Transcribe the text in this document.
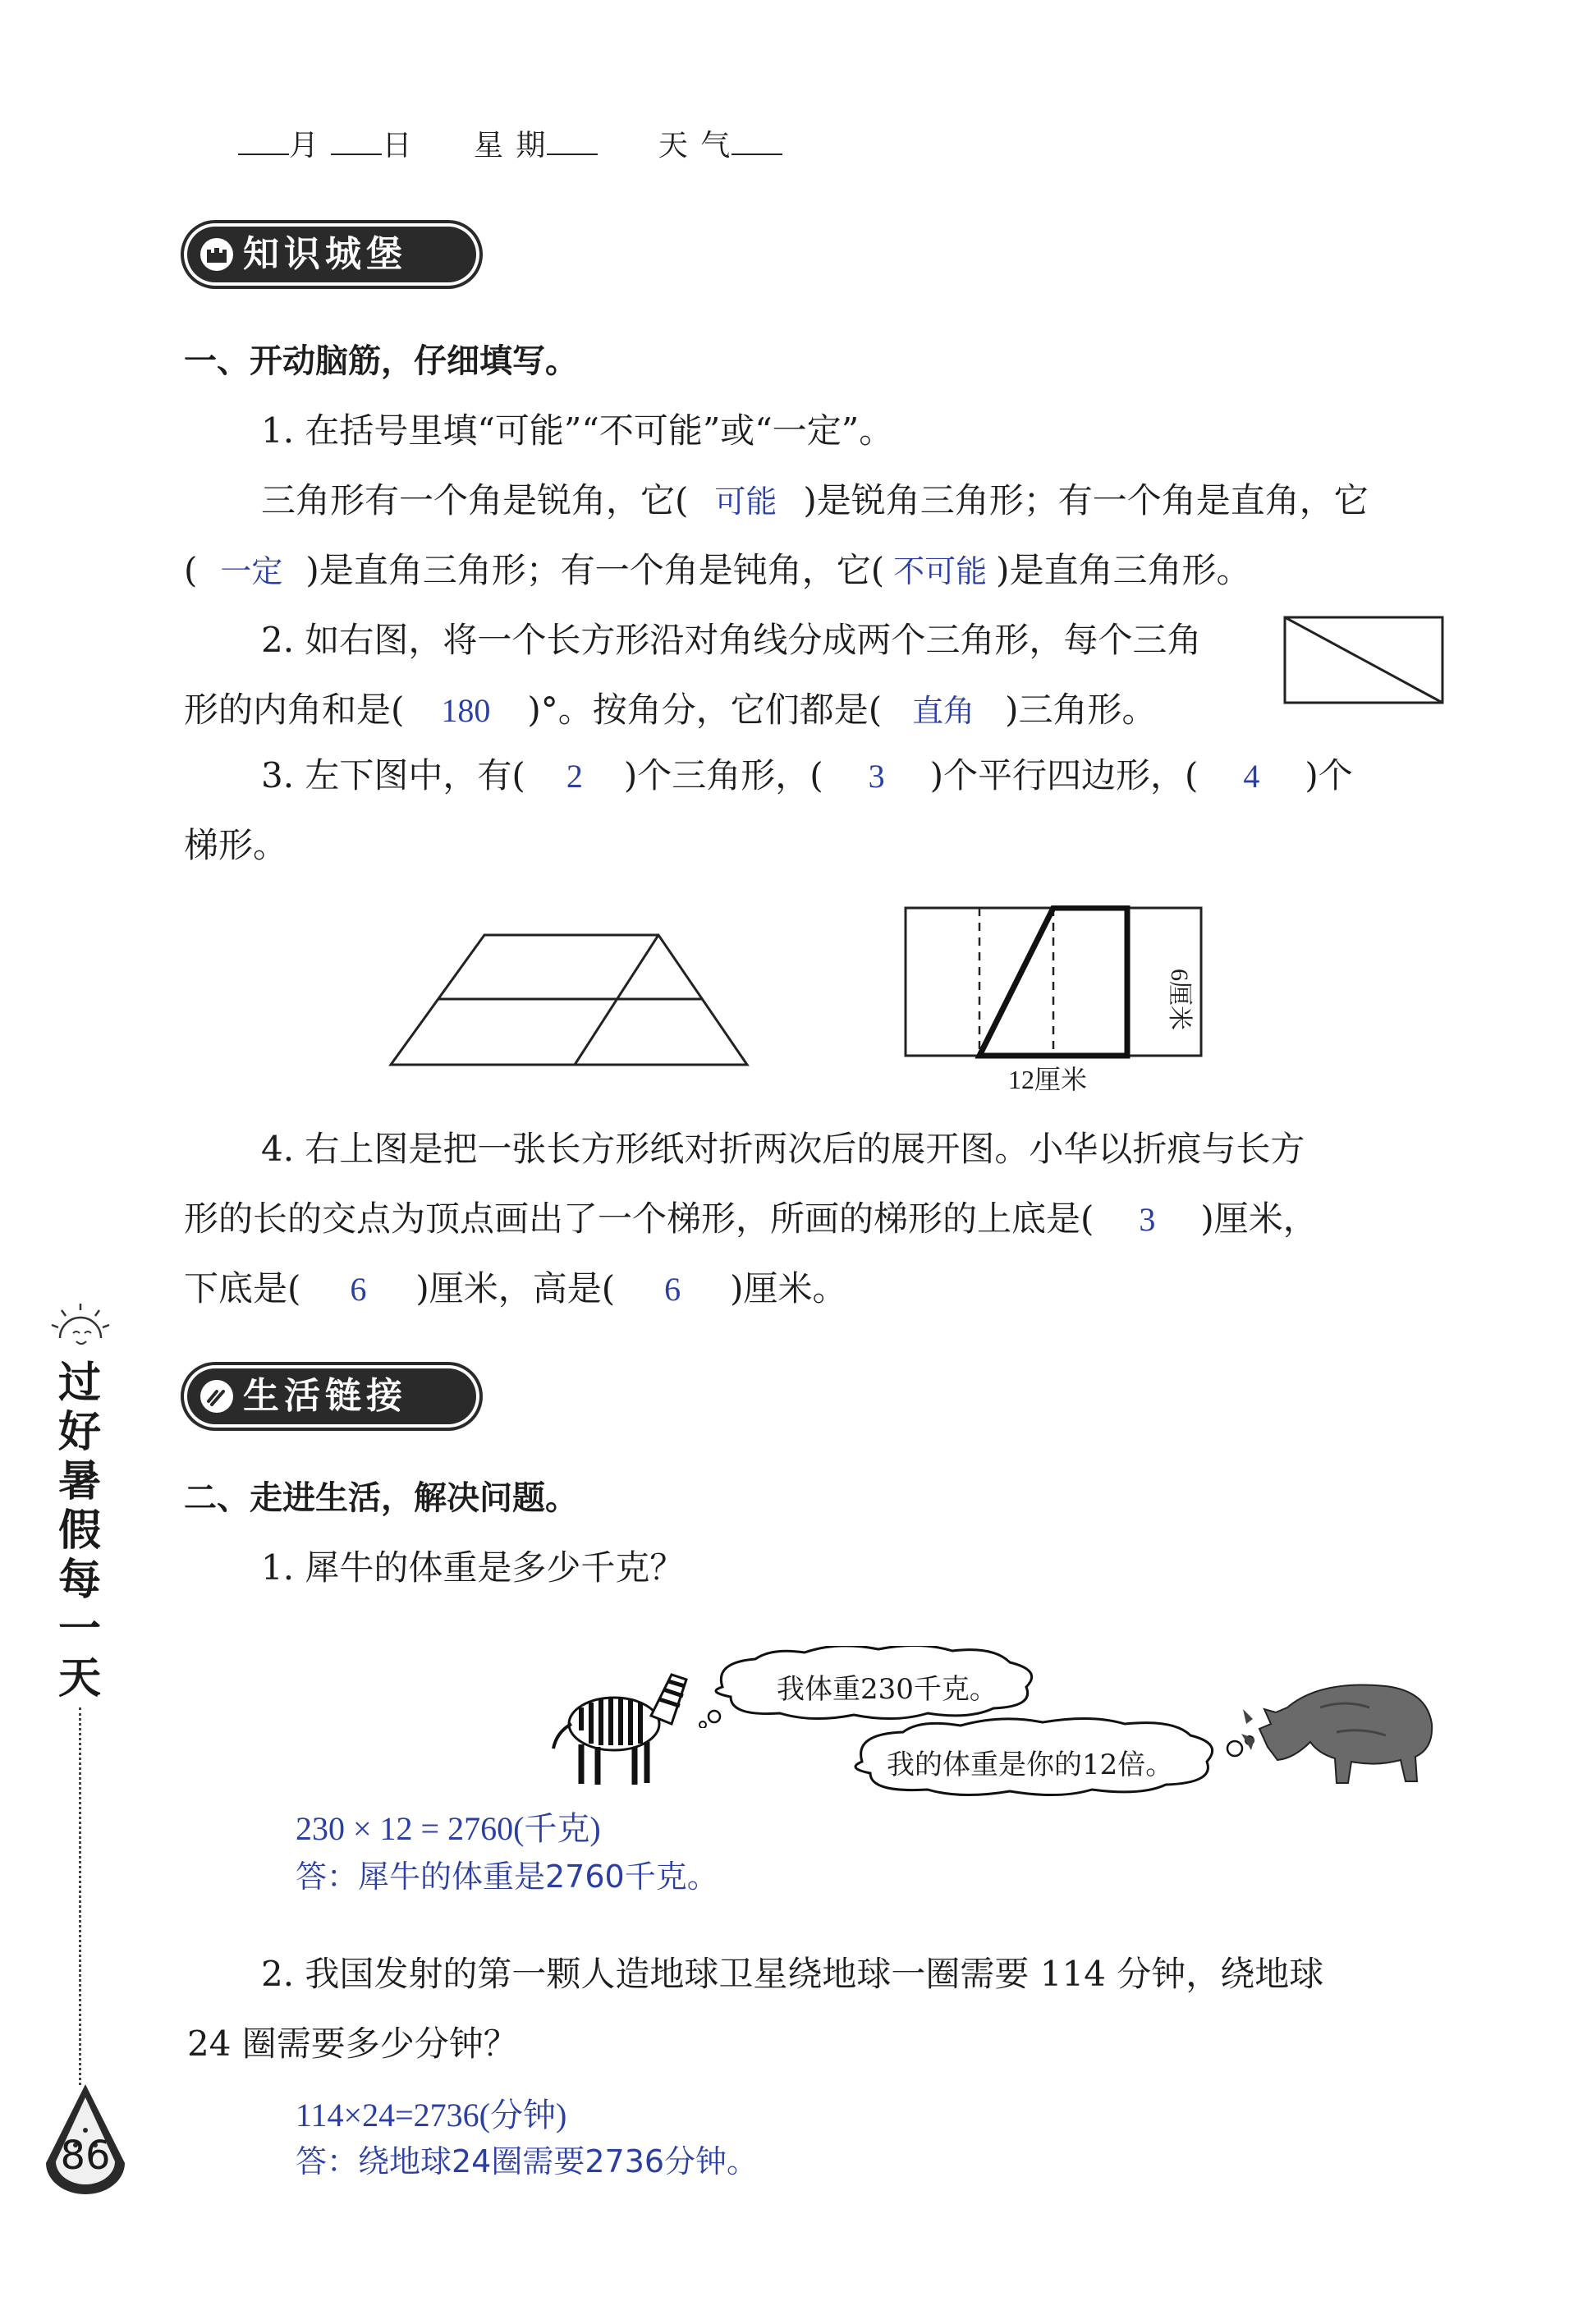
月 日 星 期	天 气
知识城堡
一、开动脑筋，仔细填写。
1. 在括号里填“可能”“不可能”或“一定”。
三角形有一个角是锐角，它( 可能 )是锐角三角形；有一个角是直角，它
( 一定 )是直角三角形；有一个角是钝角，它( 不可能 )是直角三角形。
2. 如右图，将一个长方形沿对角线分成两个三角形，每个三角
形的内角和是( 180 )°。按角分，它们都是( 直角 )三角形。
3. 左下图中，有( 2 )个三角形，( 3 )个平行四边形，( 4 )个
梯形。
6厘米
12厘米
4. 右上图是把一张长方形纸对折两次后的展开图。小华以折痕与长方
形的长的交点为顶点画出了一个梯形，所画的梯形的上底是( 3 )厘米，
下底是( 6 )厘米，高是( 6 )厘米。
生活链接
二、走进生活，解决问题。
1. 犀牛的体重是多少千克？
我体重230千克。
我的体重是你的12倍。
230 × 12 = 2760(千克)
答：犀牛的体重是2760千克。
2. 我国发射的第一颗人造地球卫星绕地球一圈需要 114 分钟，绕地球
24 圈需要多少分钟？
114×24=2736(分钟)
答：绕地球24圈需要2736分钟。
过好暑假每一天
86
